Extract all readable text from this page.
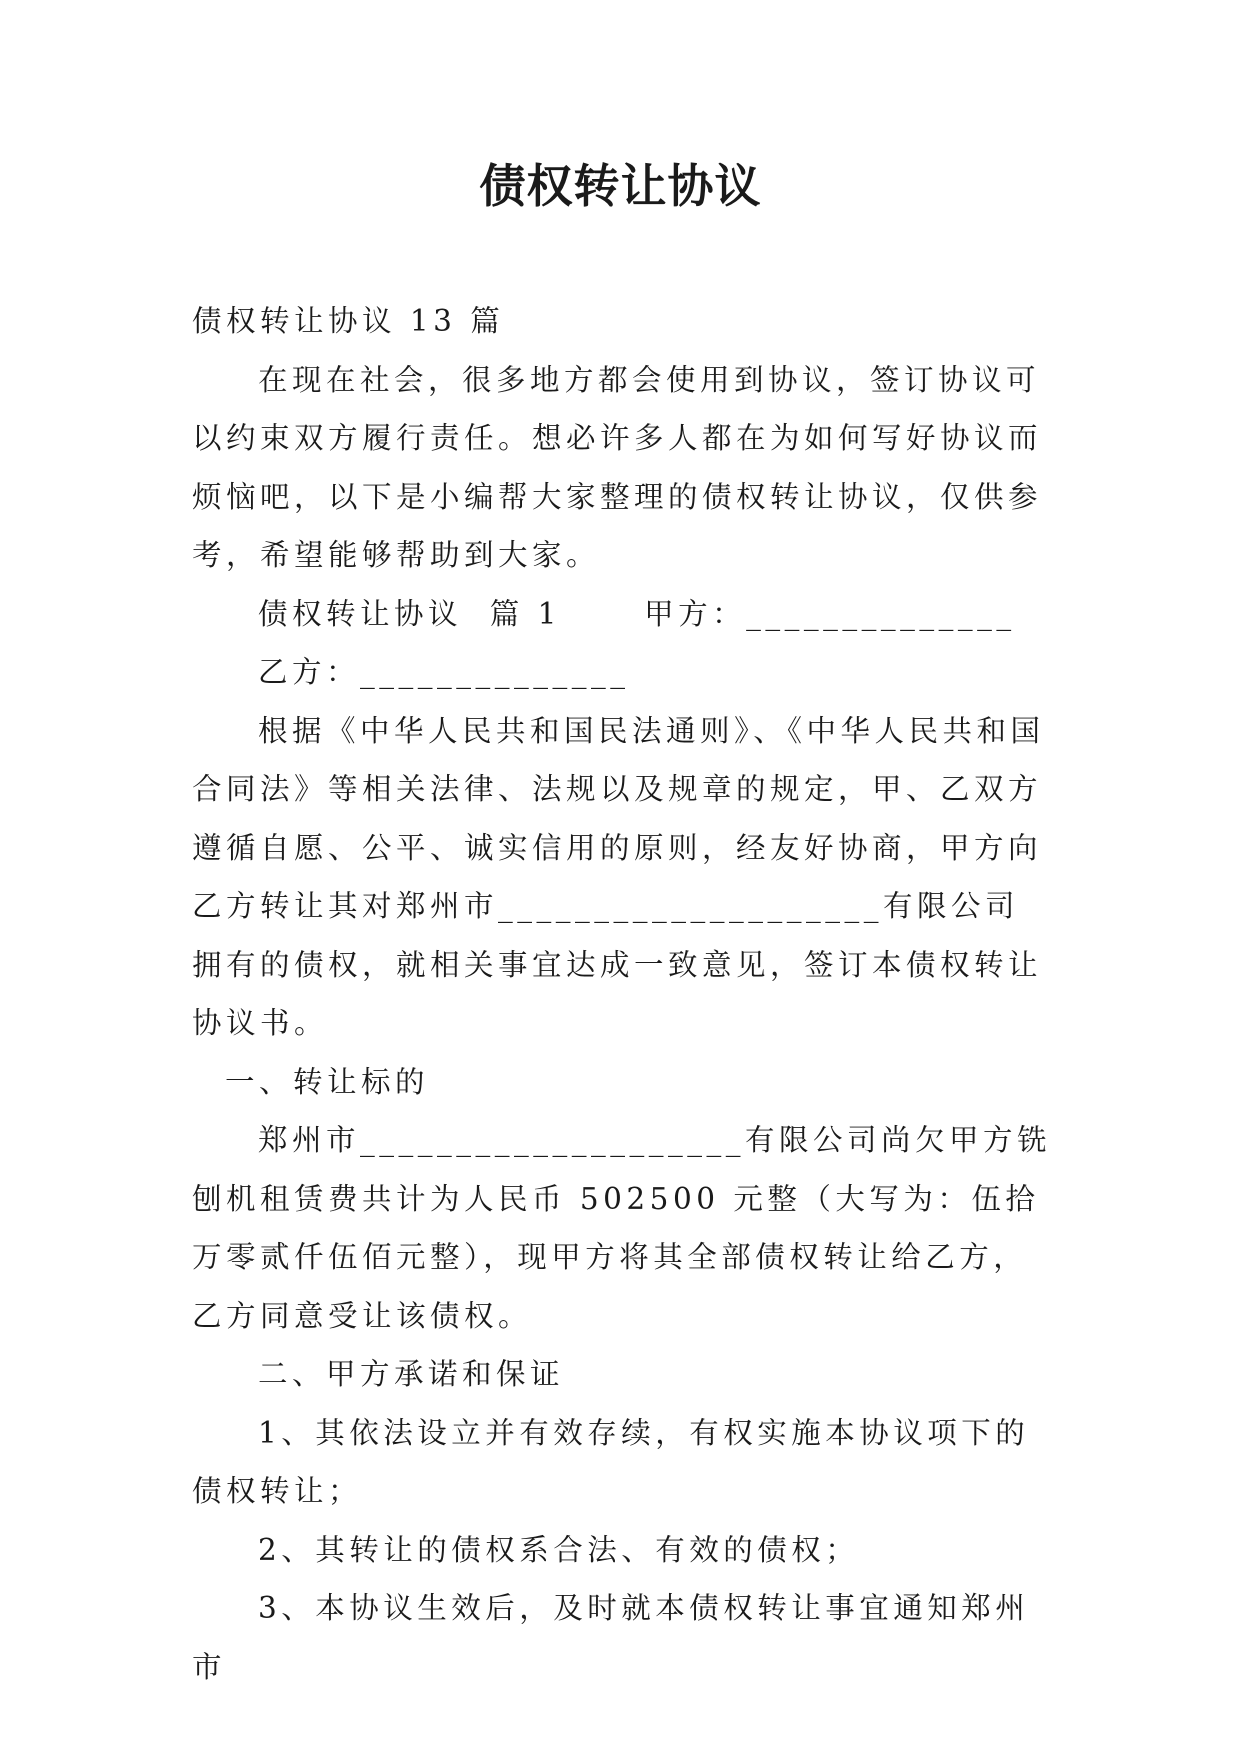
债权转让协议

债权转让协议 13 篇

在现在社会，很多地方都会使用到协议，签订协议可以约束双方履行责任。想必许多人都在为如何写好协议而烦恼吧，以下是小编帮大家整理的债权转让协议，仅供参考，希望能够帮助到大家。

债权转让协议  篇 1      甲方：______________

乙方：______________

根据《中华人民共和国民法通则》、《中华人民共和国合同法》等相关法律、法规以及规章的规定，甲、乙双方遵循自愿、公平、诚实信用的原则，经友好协商，甲方向乙方转让其对郑州市____________________有限公司拥有的债权，就相关事宜达成一致意见，签订本债权转让协议书。

一、转让标的

郑州市____________________有限公司尚欠甲方铣刨机租赁费共计为人民币 502500 元整（大写为：伍拾万零贰仟伍佰元整），现甲方将其全部债权转让给乙方，乙方同意受让该债权。

二、甲方承诺和保证

1、其依法设立并有效存续，有权实施本协议项下的债权转让；

2、其转让的债权系合法、有效的债权；

3、本协议生效后，及时就本债权转让事宜通知郑州市
